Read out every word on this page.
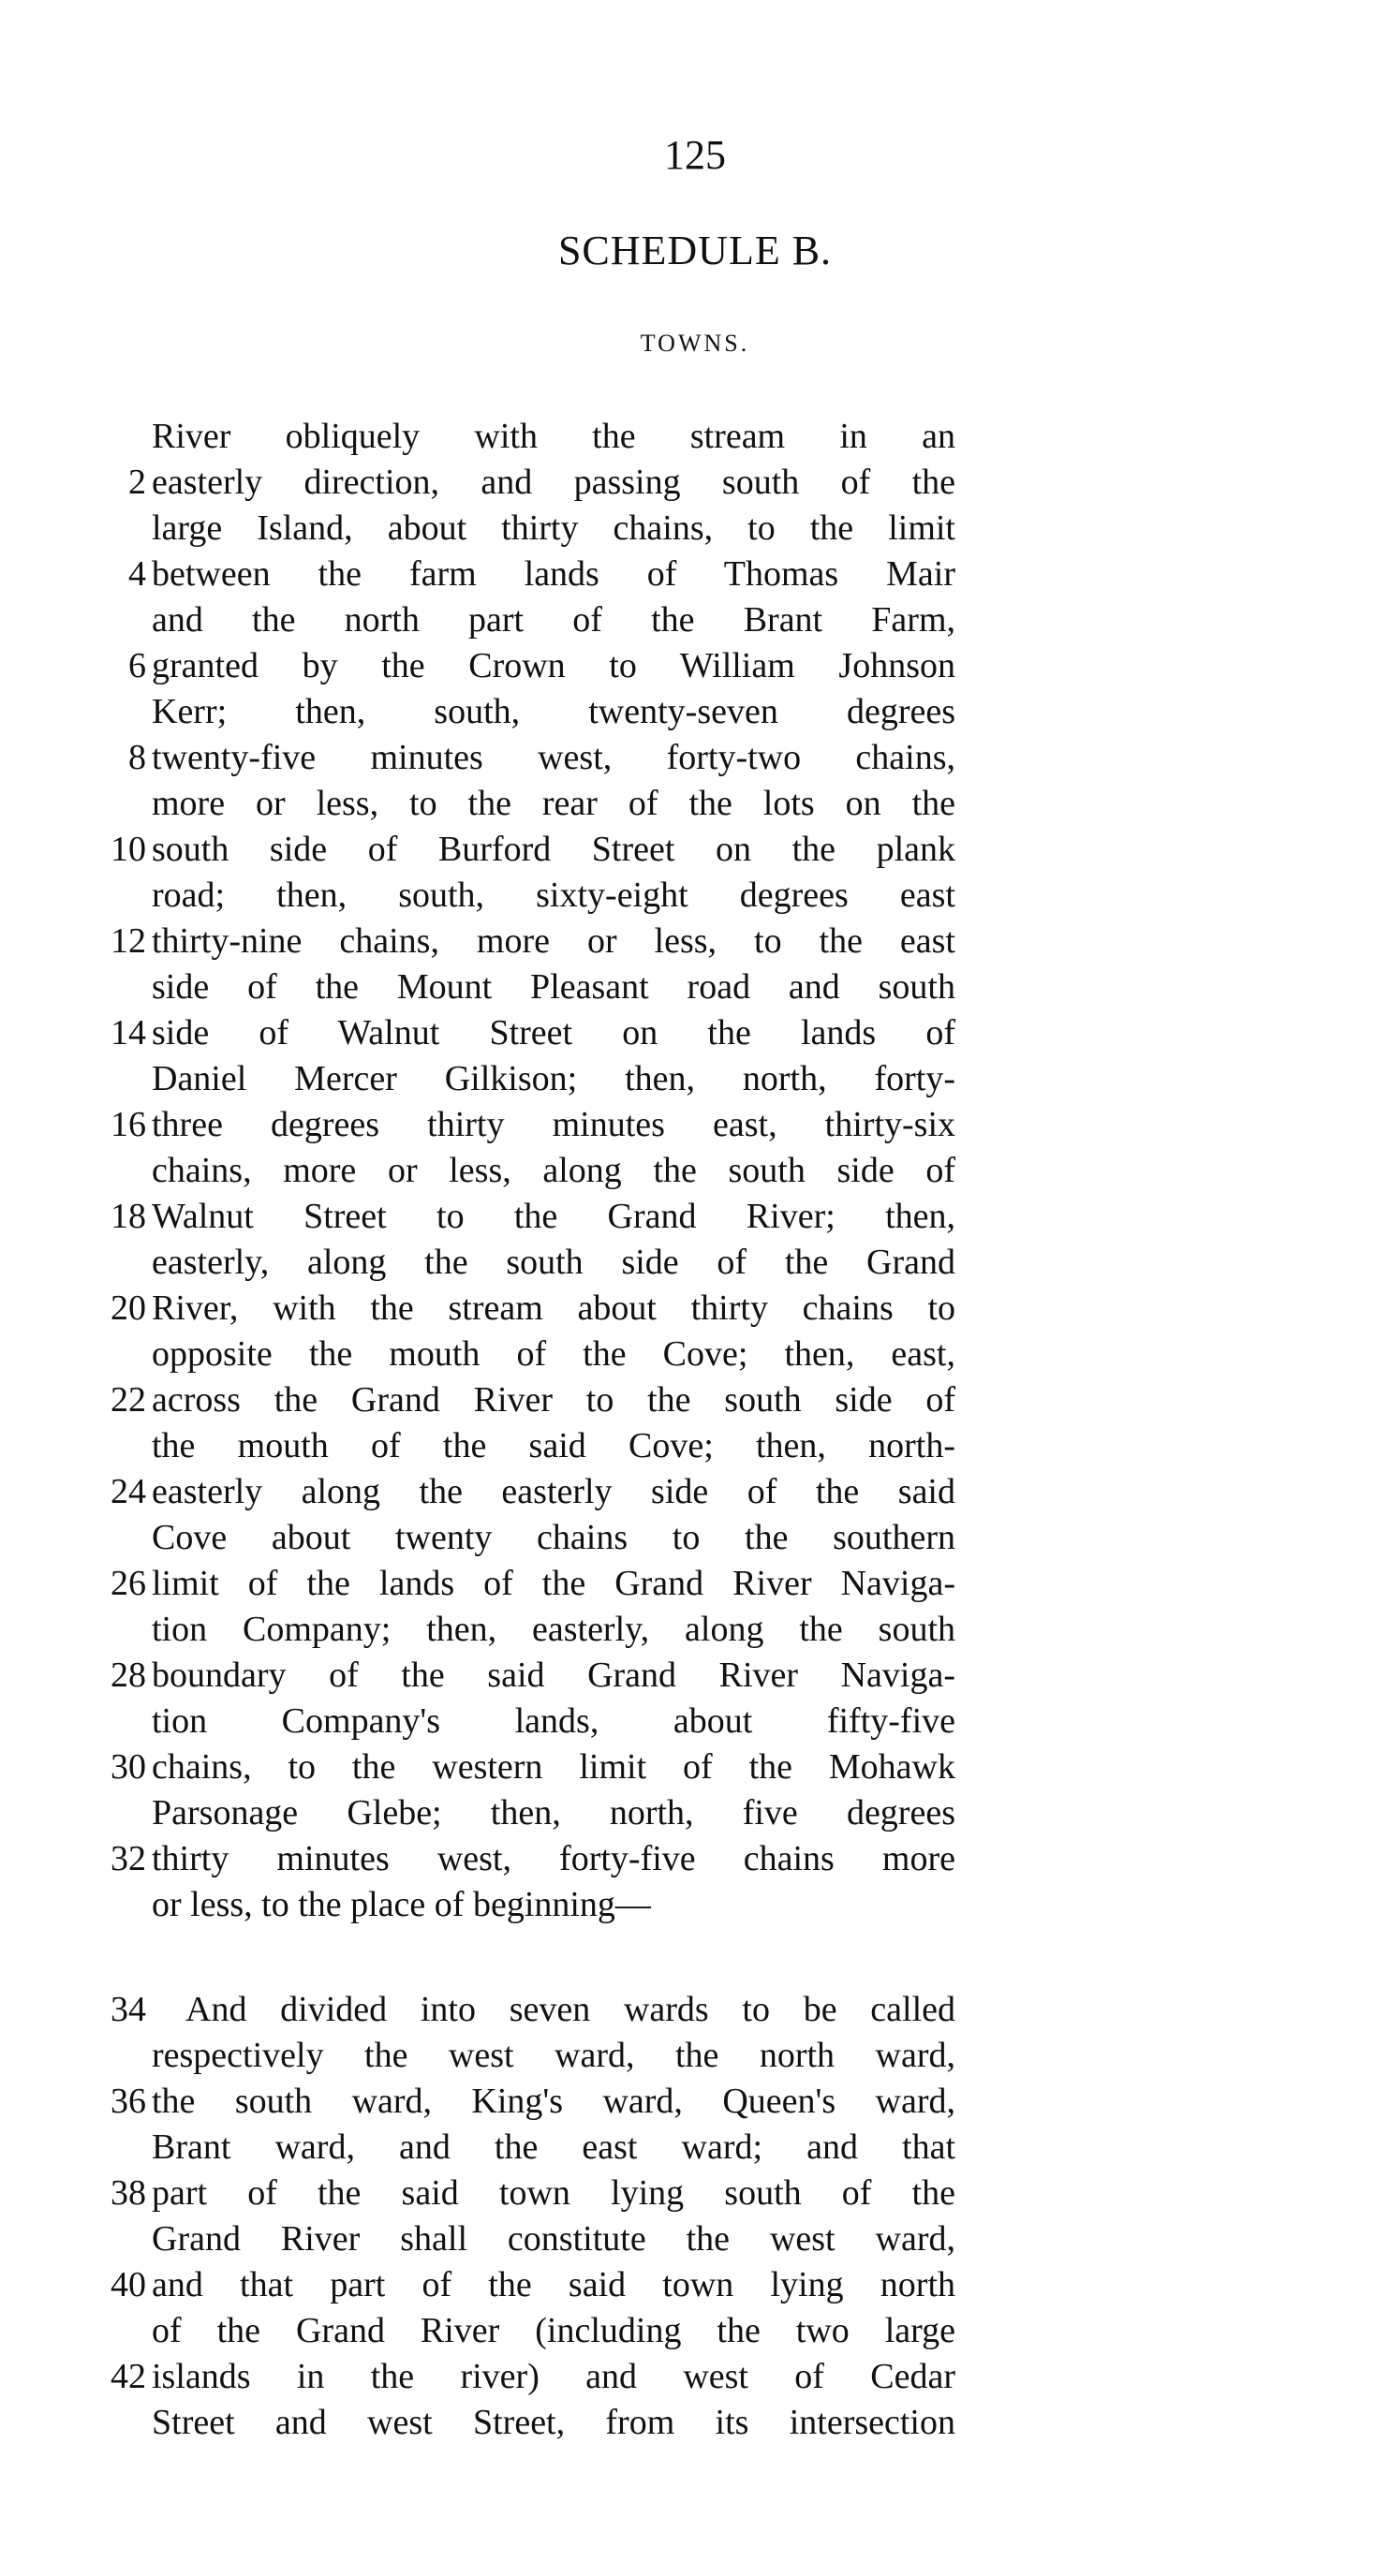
125
SCHEDULE B.
TOWNS.
River obliquely with the stream in an
2 easterly direction, and passing south of the
large Island, about thirty chains, to the limit
4 between the farm lands of Thomas Mair
and the north part of the Brant Farm,
6 granted by the Crown to William Johnson
Kerr; then, south, twenty-seven degrees
8 twenty-five minutes west, forty-two chains,
more or less, to the rear of the lots on the
10 south side of Burford Street on the plank
road; then, south, sixty-eight degrees east
12 thirty-nine chains, more or less, to the east
side of the Mount Pleasant road and south
14 side of Walnut Street on the lands of
Daniel Mercer Gilkison; then, north, forty-
16 three degrees thirty minutes east, thirty-six
chains, more or less, along the south side of
18 Walnut Street to the Grand River; then,
easterly, along the south side of the Grand
20 River, with the stream about thirty chains to
opposite the mouth of the Cove; then, east,
22 across the Grand River to the south side of
the mouth of the said Cove; then, north-
24 easterly along the easterly side of the said
Cove about twenty chains to the southern
26 limit of the lands of the Grand River Naviga-
tion Company; then, easterly, along the south
28 boundary of the said Grand River Naviga-
tion Company's lands, about fifty-five
30 chains, to the western limit of the Mohawk
Parsonage Glebe; then, north, five degrees
32 thirty minutes west, forty-five chains more
or less, to the place of beginning—
34 And divided into seven wards to be called
respectively the west ward, the north ward,
36 the south ward, King's ward, Queen's ward,
Brant ward, and the east ward; and that
38 part of the said town lying south of the
Grand River shall constitute the west ward,
40 and that part of the said town lying north
of the Grand River (including the two large
42 islands in the river) and west of Cedar
Street and west Street, from its intersection
